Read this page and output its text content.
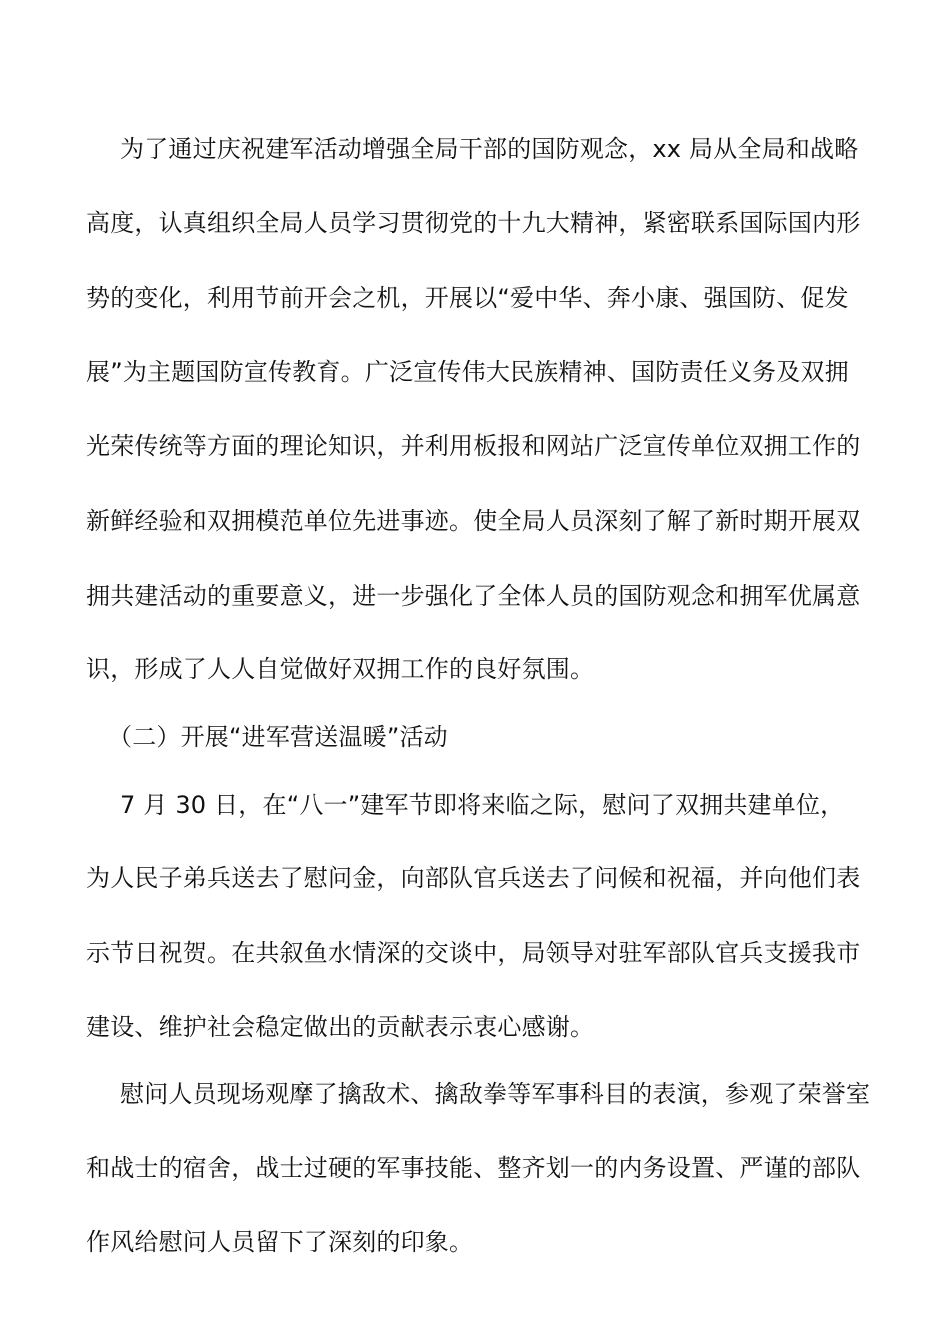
为了通过庆祝建军活动增强全局干部的国防观念，xx 局从全局和战略
高度，认真组织全局人员学习贯彻党的十九大精神，紧密联系国际国内形
势的变化，利用节前开会之机，开展以“爱中华、奔小康、强国防、促发
展”为主题国防宣传教育。广泛宣传伟大民族精神、国防责任义务及双拥
光荣传统等方面的理论知识，并利用板报和网站广泛宣传单位双拥工作的
新鲜经验和双拥模范单位先进事迹。使全局人员深刻了解了新时期开展双
拥共建活动的重要意义，进一步强化了全体人员的国防观念和拥军优属意
识，形成了人人自觉做好双拥工作的良好氛围。
（二）开展“进军营送温暖”活动
7 月 30 日，在“八一”建军节即将来临之际，慰问了双拥共建单位，
为人民子弟兵送去了慰问金，向部队官兵送去了问候和祝福，并向他们表
示节日祝贺。在共叙鱼水情深的交谈中，局领导对驻军部队官兵支援我市
建设、维护社会稳定做出的贡献表示衷心感谢。
慰问人员现场观摩了擒敌术、擒敌拳等军事科目的表演，参观了荣誉室
和战士的宿舍，战士过硬的军事技能、整齐划一的内务设置、严谨的部队
作风给慰问人员留下了深刻的印象。
